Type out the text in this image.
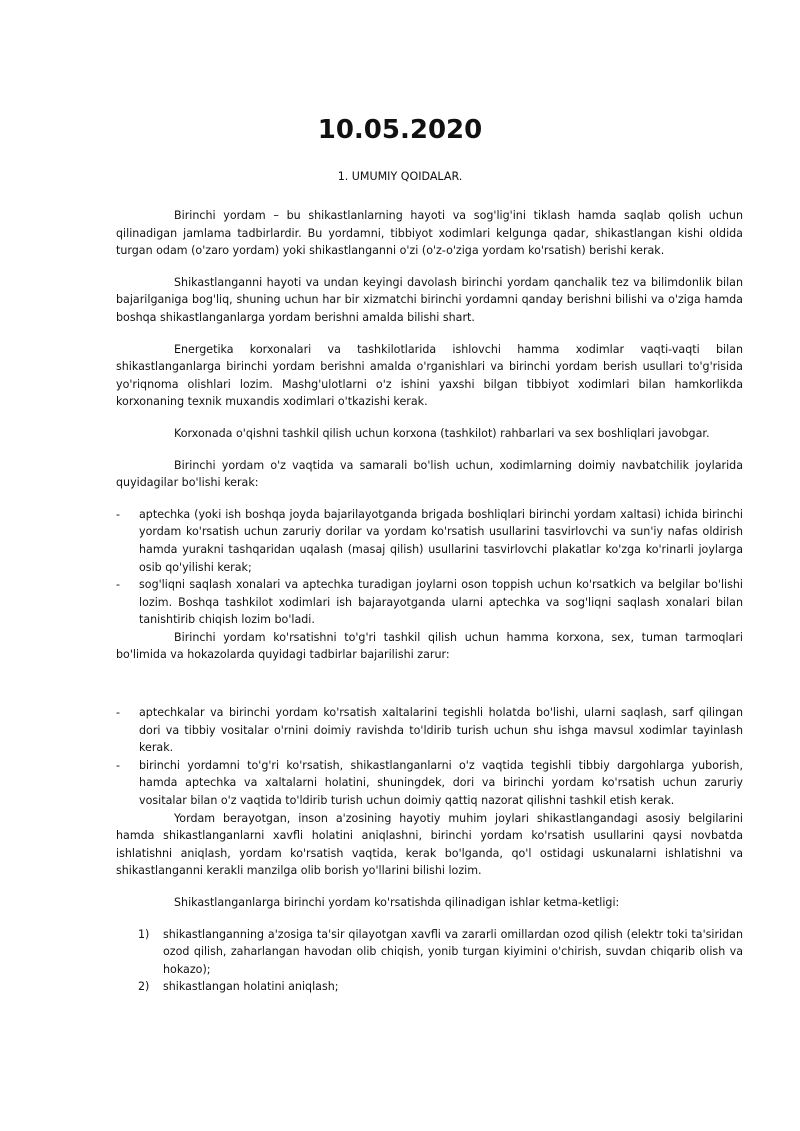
10.05.2020
1. UMUMIY QOIDALAR.

Birinchi yordam – bu shikastlanlarning hayoti va sog'lig'ini tiklash hamda saqlab qolish uchun qilinadigan jamlama tadbirlardir. Bu yordamni, tibbiyot xodimlari kelgunga qadar, shikastlangan kishi oldida turgan odam (o'zaro yordam) yoki shikastlanganni o'zi (o'z-o'ziga yordam ko'rsatish) berishi kerak.

Shikastlanganni hayoti va undan keyingi davolash birinchi yordam qanchalik tez va bilimdonlik bilan bajarilganiga bog'liq, shuning uchun har bir xizmatchi birinchi yordamni qanday berishni bilishi va o'ziga hamda boshqa shikastlanganlarga yordam berishni amalda bilishi shart.

Energetika korxonalari va tashkilotlarida ishlovchi hamma xodimlar vaqti-vaqti bilan shikastlanganlarga birinchi yordam berishni amalda o'rganishlari va birinchi yordam berish usullari to'g'risida yo'riqnoma olishlari lozim. Mashg'ulotlarni o'z ishini yaxshi bilgan tibbiyot xodimlari bilan hamkorlikda korxonaning texnik muxandis xodimlari o'tkazishi kerak.

Korxonada o'qishni tashkil qilish uchun korxona (tashkilot) rahbarlari va sex boshliqlari javobgar.

Birinchi yordam o'z vaqtida va samarali bo'lish uchun, xodimlarning doimiy navbatchilik joylarida quyidagilar bo'lishi kerak:

- aptechka (yoki ish boshqa joyda bajarilayotganda brigada boshliqlari birinchi yordam xaltasi) ichida birinchi yordam ko'rsatish uchun zaruriy dorilar va yordam ko'rsatish usullarini tasvirlovchi va sun'iy nafas oldirish hamda yurakni tashqaridan uqalash (masaj qilish) usullarini tasvirlovchi plakatlar ko'zga ko'rinarli joylarga osib qo'yilishi kerak;
- sog'liqni saqlash xonalari va aptechka turadigan joylarni oson toppish uchun ko'rsatkich va belgilar bo'lishi lozim. Boshqa tashkilot xodimlari ish bajarayotganda ularni aptechka va sog'liqni saqlash xonalari bilan tanishtirib chiqish lozim bo'ladi.

Birinchi yordam ko'rsatishni to'g'ri tashkil qilish uchun hamma korxona, sex, tuman tarmoqlari bo'limida va hokazolarda quyidagi tadbirlar bajarilishi zarur:

- aptechkalar va birinchi yordam ko'rsatish xaltalarini tegishli holatda bo'lishi, ularni saqlash, sarf qilingan dori va tibbiy vositalar o'rnini doimiy ravishda to'ldirib turish uchun shu ishga mavsul xodimlar tayinlash kerak.
- birinchi yordamni to'g'ri ko'rsatish, shikastlanganlarni o'z vaqtida tegishli tibbiy dargohlarga yuborish, hamda aptechka va xaltalarni holatini, shuningdek, dori va birinchi yordam ko'rsatish uchun zaruriy vositalar bilan o'z vaqtida to'ldirib turish uchun doimiy qattiq nazorat qilishni tashkil etish kerak.

Yordam berayotgan, inson a'zosining hayotiy muhim joylari shikastlangandagi asosiy belgilarini hamda shikastlanganlarni xavfli holatini aniqlashni, birinchi yordam ko'rsatish usullarini qaysi novbatda ishlatishni aniqlash, yordam ko'rsatish vaqtida, kerak bo'lganda, qo'l ostidagi uskunalarni ishlatishni va shikastlanganni kerakli manzilga olib borish yo'llarini bilishi lozim.

Shikastlanganlarga birinchi yordam ko'rsatishda qilinadigan ishlar ketma-ketligi:

1) shikastlanganning a'zosiga ta'sir qilayotgan xavfli va zararli omillardan ozod qilish (elektr toki ta'siridan ozod qilish, zaharlangan havodan olib chiqish, yonib turgan kiyimini o'chirish, suvdan chiqarib olish va hokazo);
2) shikastlangan holatini aniqlash;
